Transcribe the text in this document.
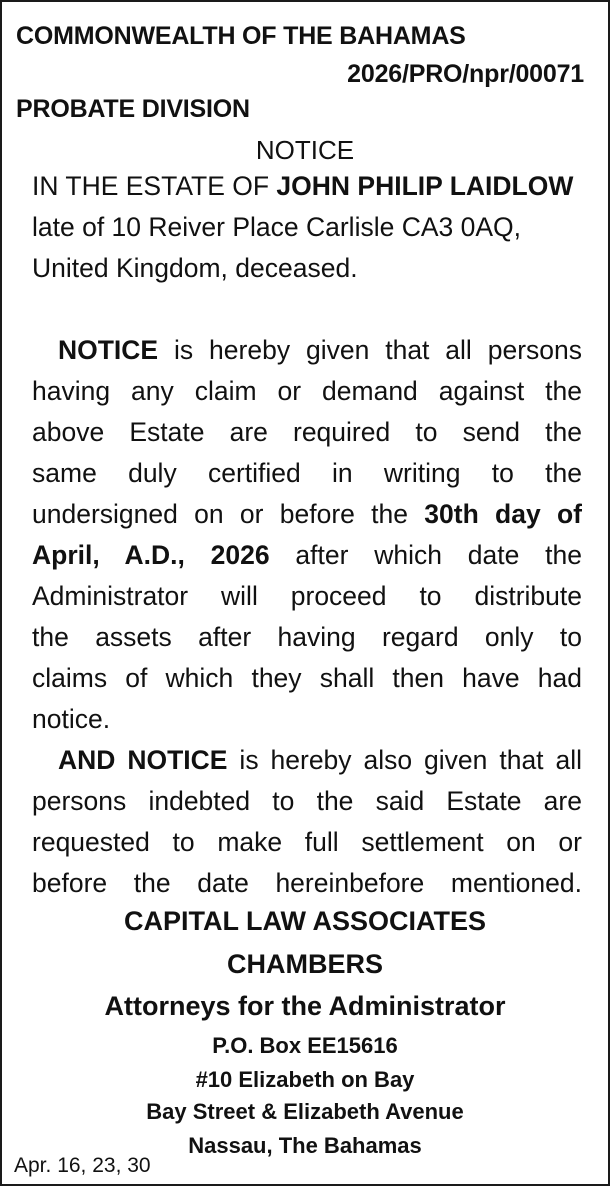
COMMONWEALTH OF THE BAHAMAS
2026/PRO/npr/00071
PROBATE DIVISION
NOTICE
IN THE ESTATE OF JOHN PHILIP LAIDLOW
late of 10 Reiver Place Carlisle CA3 0AQ,
United Kingdom, deceased.
NOTICE is hereby given that all persons
having any claim or demand against the
above Estate are required to send the
same duly certified in writing to the
undersigned on or before the 30th day of
April, A.D., 2026 after which date the
Administrator will proceed to distribute
the assets after having regard only to
claims of which they shall then have had
notice.
AND NOTICE is hereby also given that all
persons indebted to the said Estate are
requested to make full settlement on or
before the date hereinbefore mentioned.
CAPITAL LAW ASSOCIATES
CHAMBERS
Attorneys for the Administrator
P.O. Box EE15616
#10 Elizabeth on Bay
Bay Street & Elizabeth Avenue
Nassau, The Bahamas
Apr. 16, 23, 30
